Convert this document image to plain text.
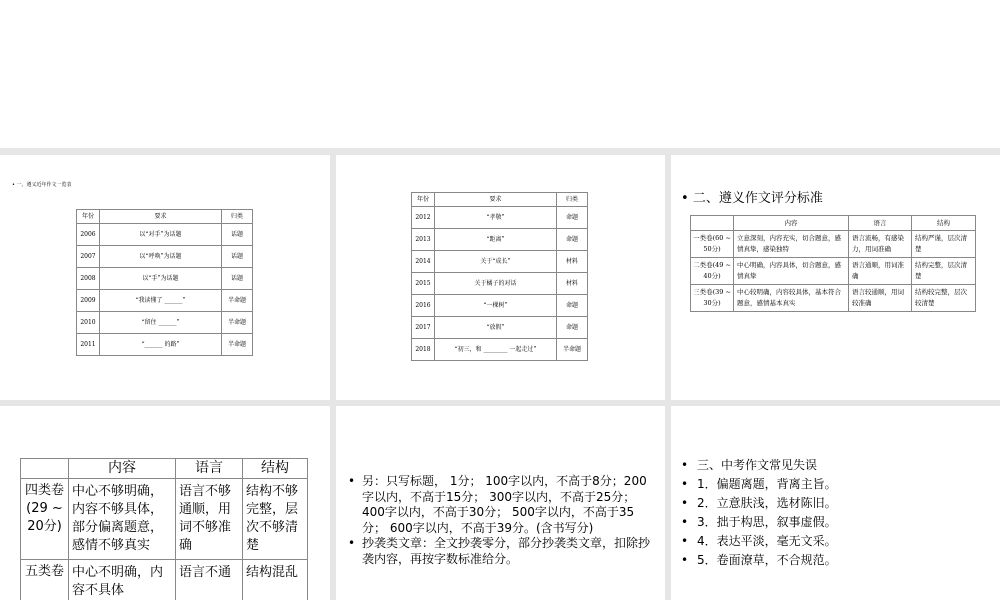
• 一、遵义近年作文一览表
年份	要求	归类
2006	以“对手”为话题	话题
2007	以“呼唤”为话题	话题
2008	以“手”为话题	话题
2009	“我读懂了 ______”	半命题
2010	“留住 ______”	半命题
2011	“______ 的路”	半命题
年份	要求	归类
2012	“孝敬”	命题
2013	“距离”	命题
2014	关于“成长”	材料
2015	关于橘子的对话	材料
2016	“一棵树”	命题
2017	“放假”	命题
2018	“初三，和 ________ 一起走过”	半命题
• 二、遵义作文评分标准
	内容	语言	结构
一类卷(60 ~ 50分)	立意深刻，内容充实，切合题意，感情真挚，感染独特	语言流畅，有感染力，用词准确	结构严谨，层次清楚
二类卷(49 ~ 40分)	中心明确，内容具体，切合题意，感情真挚	语言通顺，用词准确	结构完整，层次清楚
三类卷(39 ~ 30分)	中心较明确，内容较具体，基本符合题意，感情基本真实	语言较通顺，用词较准确	结构较完整，层次较清楚
	内容	语言	结构
四类卷(29 ~ 20分)	中心不够明确，内容不够具体，部分偏离题意，感情不够真实	语言不够通顺，用词不够准确	结构不够完整，层次不够清楚
五类卷	中心不明确，内容不具体	语言不通	结构混乱
• 另：只写标题， 1分； 100字以内，不高于8分；200字以内，不高于15分； 300字以内，不高于25分； 400字以内，不高于30分； 500字以内，不高于35分； 600字以内，不高于39分。(含书写分)
• 抄袭类文章：全文抄袭零分，部分抄袭类文章，扣除抄袭内容，再按字数标准给分。
• 三、中考作文常见失误
• 1．偏题离题，背离主旨。
• 2．立意肤浅，选材陈旧。
• 3．拙于构思，叙事虚假。
• 4．表达平淡，毫无文采。
• 5．卷面潦草，不合规范。
